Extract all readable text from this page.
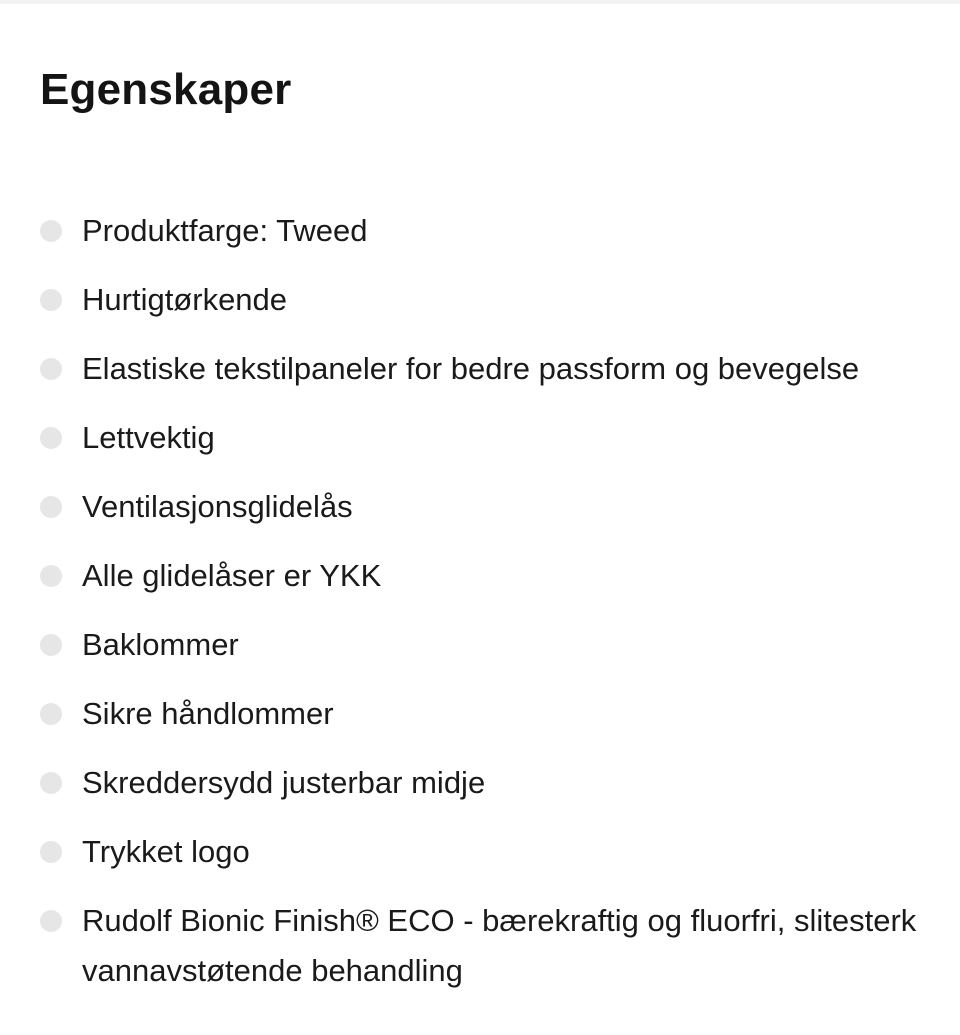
Egenskaper
Produktfarge: Tweed
Hurtigtørkende
Elastiske tekstilpaneler for bedre passform og bevegelse
Lettvektig
Ventilasjonsglidelås
Alle glidelåser er YKK
Baklommer
Sikre håndlommer
Skreddersydd justerbar midje
Trykket logo
Rudolf Bionic Finish® ECO - bærekraftig og fluorfri, slitesterk vannavstøtende behandling
